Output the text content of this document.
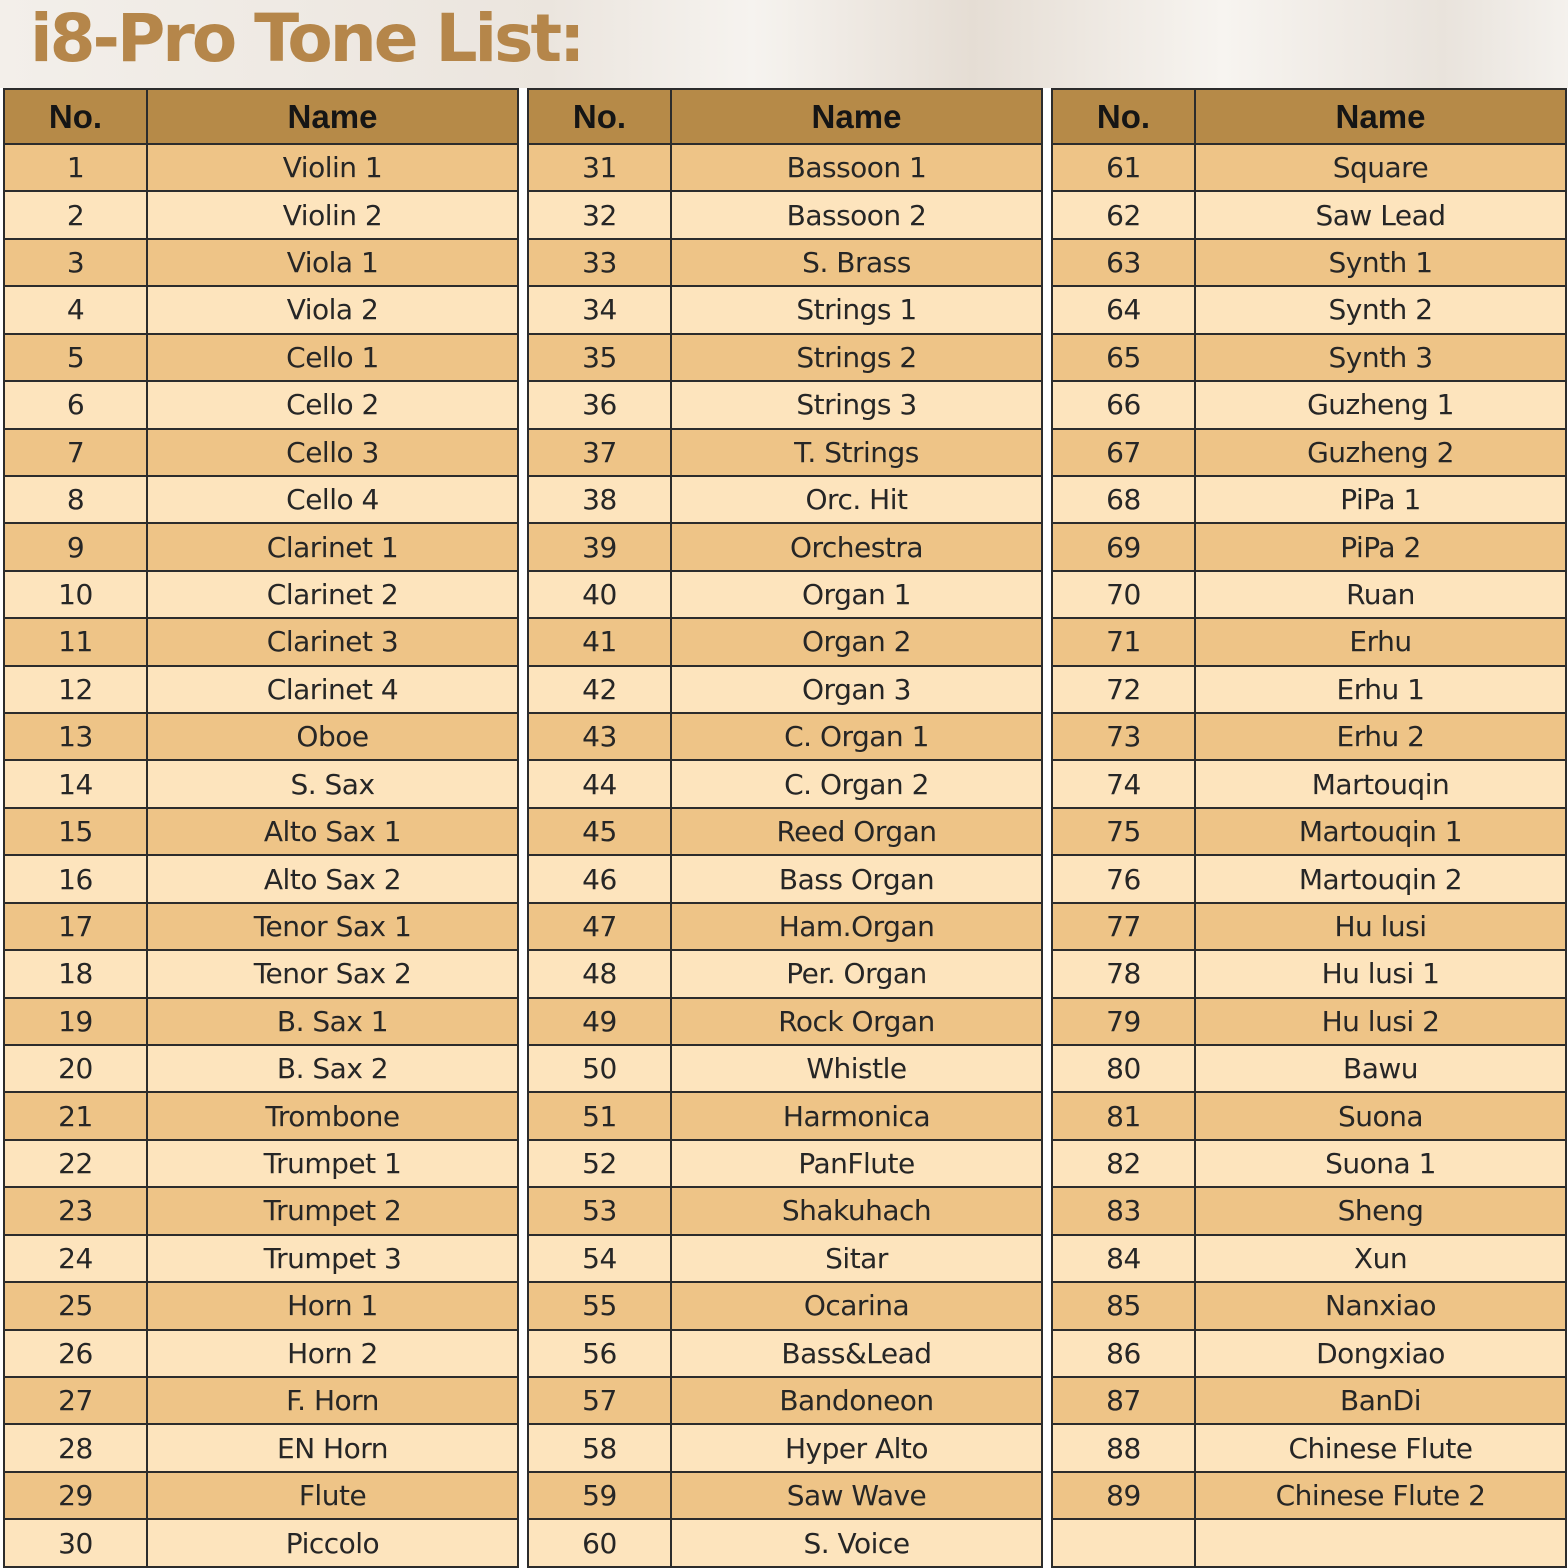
i8-Pro Tone List:
No.	Name
1	Violin 1
2	Violin 2
3	Viola 1
4	Viola 2
5	Cello 1
6	Cello 2
7	Cello 3
8	Cello 4
9	Clarinet 1
10	Clarinet 2
11	Clarinet 3
12	Clarinet 4
13	Oboe
14	S. Sax
15	Alto Sax 1
16	Alto Sax 2
17	Tenor Sax 1
18	Tenor Sax 2
19	B. Sax 1
20	B. Sax 2
21	Trombone
22	Trumpet 1
23	Trumpet 2
24	Trumpet 3
25	Horn 1
26	Horn 2
27	F. Horn
28	EN Horn
29	Flute
30	Piccolo
No.	Name
31	Bassoon 1
32	Bassoon 2
33	S. Brass
34	Strings 1
35	Strings 2
36	Strings 3
37	T. Strings
38	Orc. Hit
39	Orchestra
40	Organ 1
41	Organ 2
42	Organ 3
43	C. Organ 1
44	C. Organ 2
45	Reed Organ
46	Bass Organ
47	Ham.Organ
48	Per. Organ
49	Rock Organ
50	Whistle
51	Harmonica
52	PanFlute
53	Shakuhach
54	Sitar
55	Ocarina
56	Bass&Lead
57	Bandoneon
58	Hyper Alto
59	Saw Wave
60	S. Voice
No.	Name
61	Square
62	Saw Lead
63	Synth 1
64	Synth 2
65	Synth 3
66	Guzheng 1
67	Guzheng 2
68	PiPa 1
69	PiPa 2
70	Ruan
71	Erhu
72	Erhu 1
73	Erhu 2
74	Martouqin
75	Martouqin 1
76	Martouqin 2
77	Hu lusi
78	Hu lusi 1
79	Hu lusi 2
80	Bawu
81	Suona
82	Suona 1
83	Sheng
84	Xun
85	Nanxiao
86	Dongxiao
87	BanDi
88	Chinese Flute
89	Chinese Flute 2
